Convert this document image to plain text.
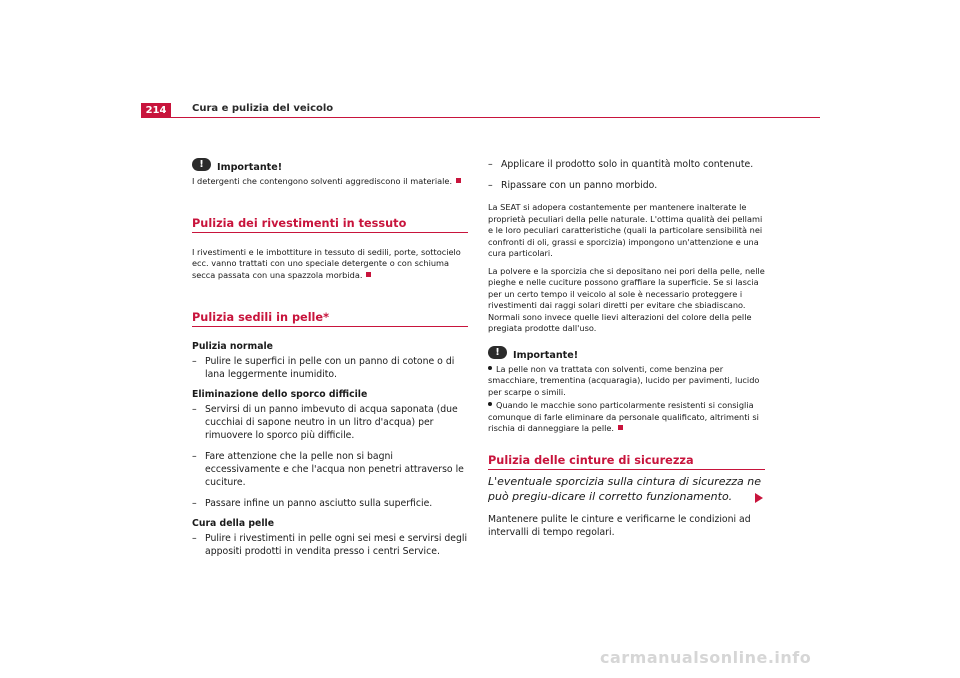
214	Cura e pulizia del veicolo
!	Importante!
I detergenti che contengono solventi aggrediscono il materiale.
Pulizia dei rivestimenti in tessuto
I rivestimenti e le imbottiture in tessuto di sedili, porte, sottocielo ecc. vanno trattati con uno speciale detergente o con schiuma secca passata con una spazzola morbida.
Pulizia sedili in pelle*
Pulizia normale
– Pulire le superfici in pelle con un panno di cotone o di lana leggermente inumidito.
Eliminazione dello sporco difficile
– Servirsi di un panno imbevuto di acqua saponata (due cucchiai di sapone neutro in un litro d'acqua) per rimuovere lo sporco più difficile.
– Fare attenzione che la pelle non si bagni eccessivamente e che l'acqua non penetri attraverso le cuciture.
– Passare infine un panno asciutto sulla superficie.
Cura della pelle
– Pulire i rivestimenti in pelle ogni sei mesi e servirsi degli appositi prodotti in vendita presso i centri Service.
– Applicare il prodotto solo in quantità molto contenute.
– Ripassare con un panno morbido.
La SEAT si adopera costantemente per mantenere inalterate le proprietà peculiari della pelle naturale. L'ottima qualità dei pellami e le loro peculiari caratteristiche (quali la particolare sensibilità nei confronti di oli, grassi e sporcizia) impongono un'attenzione e una cura particolari.
La polvere e la sporcizia che si depositano nei pori della pelle, nelle pieghe e nelle cuciture possono graffiare la superficie. Se si lascia per un certo tempo il veicolo al sole è necessario proteggere i rivestimenti dai raggi solari diretti per evitare che sbiadiscano. Normali sono invece quelle lievi alterazioni del colore della pelle pregiata prodotte dall'uso.
!	Importante!
La pelle non va trattata con solventi, come benzina per smacchiare, trementina (acquaragia), lucido per pavimenti, lucido per scarpe o simili.
Quando le macchie sono particolarmente resistenti si consiglia comunque di farle eliminare da personale qualificato, altrimenti si rischia di danneggiare la pelle.
Pulizia delle cinture di sicurezza
L'eventuale sporcizia sulla cintura di sicurezza ne può pregiu-dicare il corretto funzionamento.
Mantenere pulite le cinture e verificarne le condizioni ad intervalli di tempo regolari.
carmanualsonline.info
